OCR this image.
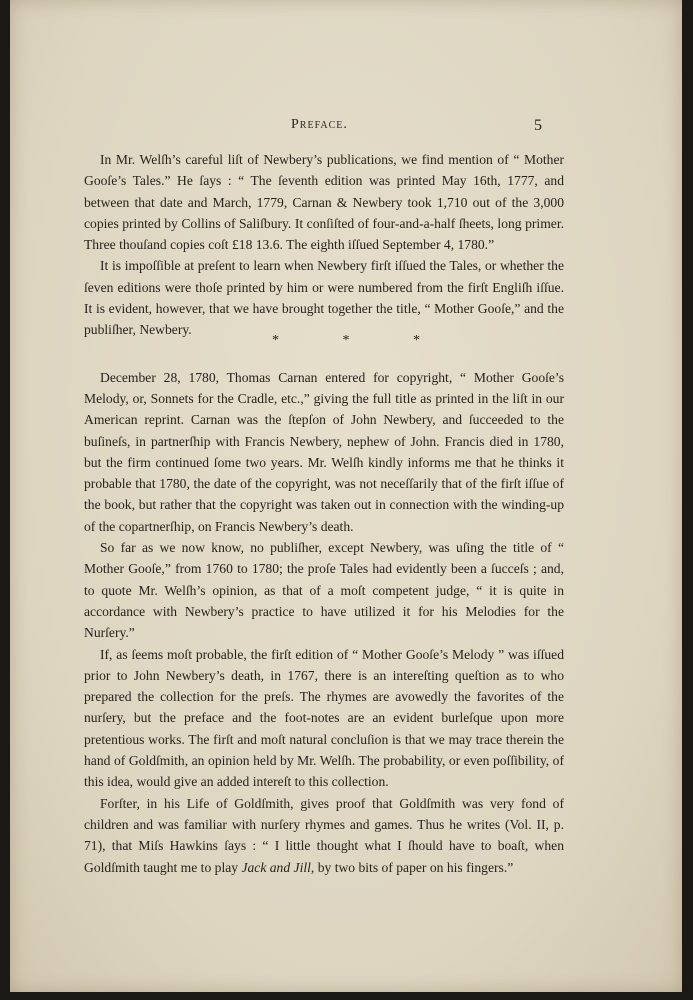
Preface.	5

In Mr. Welſh’s careful liſt of Newbery’s publications, we find mention of “ Mother Gooſe’s Tales.” He ſays : “ The ſeventh edition was printed May 16th, 1777, and between that date and March, 1779, Carnan & Newbery took 1,710 out of the 3,000 copies printed by Collins of Saliſbury. It conſiſted of four-and-a-half ſheets, long primer. Three thouſand copies coſt £18 13.6. The eighth iſſued September 4, 1780.”

It is impoſſible at preſent to learn when Newbery firſt iſſued the Tales, or whether the ſeven editions were thoſe printed by him or were numbered from the firſt Engliſh iſſue. It is evident, however, that we have brought together the title, “ Mother Gooſe,” and the publiſher, Newbery.

December 28, 1780, Thomas Carnan entered for copyright, “ Mother Gooſe’s Melody, or, Sonnets for the Cradle, etc.,” giving the full title as printed in the liſt in our American reprint. Carnan was the ſtepſon of John Newbery, and ſucceeded to the buſineſs, in partnerſhip with Francis Newbery, nephew of John. Francis died in 1780, but the firm continued ſome two years. Mr. Welſh kindly informs me that he thinks it probable that 1780, the date of the copyright, was not neceſſarily that of the firſt iſſue of the book, but rather that the copyright was taken out in connection with the winding-up of the copartnerſhip, on Francis Newbery’s death.

So far as we now know, no publiſher, except Newbery, was uſing the title of “ Mother Gooſe,” from 1760 to 1780; the proſe Tales had evidently been a ſucceſs ; and, to quote Mr. Welſh’s opinion, as that of a moſt competent judge, “ it is quite in accordance with Newbery’s practice to have utilized it for his Melodies for the Nurſery.”

If, as ſeems moſt probable, the firſt edition of “ Mother Gooſe’s Melody ” was iſſued prior to John Newbery’s death, in 1767, there is an intereſting queſtion as to who prepared the collection for the preſs. The rhymes are avowedly the favorites of the nurſery, but the preface and the foot-notes are an evident burleſque upon more pretentious works. The firſt and moſt natural concluſion is that we may trace therein the hand of Goldſmith, an opinion held by Mr. Welſh. The probability, or even poſſibility, of this idea, would give an added intereſt to this collection.

Forſter, in his Life of Goldſmith, gives proof that Goldſmith was very fond of children and was familiar with nurſery rhymes and games. Thus he writes (Vol. II, p. 71), that Miſs Hawkins ſays : “ I little thought what I ſhould have to boaſt, when Goldſmith taught me to play Jack and Jill, by two bits of paper on his fingers.”

* * *
